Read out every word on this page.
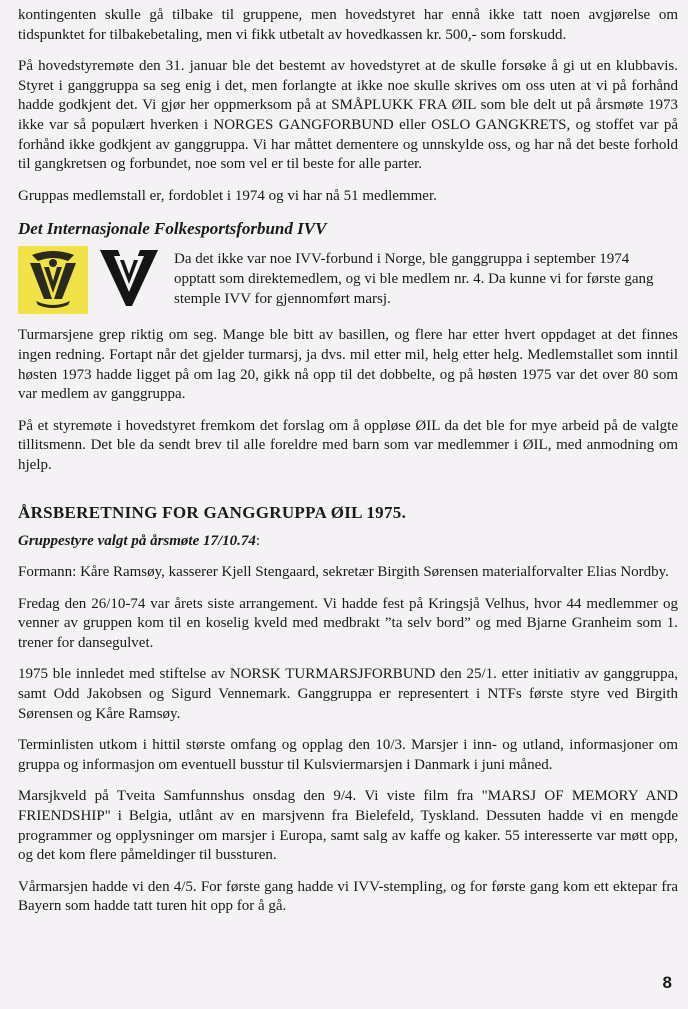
kontingenten skulle gå tilbake til gruppene, men hovedstyret har ennå ikke tatt noen avgjørelse om tidspunktet for tilbakebetaling, men vi fikk utbetalt av hovedkassen kr. 500,- som forskudd.

På hovedstyremøte den 31. januar ble det bestemt av hovedstyret at de skulle forsøke å gi ut en klubbavis. Styret i ganggruppa sa seg enig i det, men forlangte at ikke noe skulle skrives om oss uten at vi på forhånd hadde godkjent det. Vi gjør her oppmerksom på at SMÅPLUKK FRA ØIL som ble delt ut på årsmøte 1973 ikke var så populært hverken i NORGES GANGFORBUND eller OSLO GANGKRETS, og stoffet var på forhånd ikke godkjent av ganggruppa. Vi har måttet dementere og unnskylde oss, og har nå det beste forhold til gangkretsen og forbundet, noe som vel er til beste for alle parter.

Gruppas medlemstall er, fordoblet i 1974 og vi har nå 51 medlemmer.

Det Internasjonale Folkesportsforbund IVV

Da det ikke var noe IVV-forbund i Norge, ble ganggruppa i september 1974 opptatt som direktemedlem, og vi ble medlem nr. 4. Da kunne vi for første gang stemple IVV for gjennomført marsj.

Turmarsjene grep riktig om seg. Mange ble bitt av basillen, og flere har etter hvert oppdaget at det finnes ingen redning. Fortapt når det gjelder turmarsj, ja dvs. mil etter mil, helg etter helg. Medlemstallet som inntil høsten 1973 hadde ligget på om lag 20, gikk nå opp til det dobbelte, og på høsten 1975 var det over 80 som var medlem av ganggruppa.

På et styremøte i hovedstyret fremkom det forslag om å oppløse ØIL da det ble for mye arbeid på de valgte tillitsmenn. Det ble da sendt brev til alle foreldre med barn som var medlemmer i ØIL, med anmodning om hjelp.

ÅRSBERETNING FOR GANGGRUPPA ØIL 1975.

Gruppestyre valgt på årsmøte 17/10.74:

Formann: Kåre Ramsøy, kasserer Kjell Stengaard, sekretær Birgith Sørensen materialforvalter Elias Nordby.

Fredag den 26/10-74 var årets siste arrangement. Vi hadde fest på Kringsjå Velhus, hvor 44 medlemmer og venner av gruppen kom til en koselig kveld med medbrakt ”ta selv bord” og med Bjarne Granheim som 1. trener for dansegulvet.

1975 ble innledet med stiftelse av NORSK TURMARSJFORBUND den 25/1. etter initiativ av ganggruppa, samt Odd Jakobsen og Sigurd Vennemark. Ganggruppa er representert i NTFs første styre ved Birgith Sørensen og Kåre Ramsøy.

Terminlisten utkom i hittil største omfang og opplag den 10/3. Marsjer i inn- og utland, informasjoner om gruppa og informasjon om eventuell busstur til Kulsviermarsjen i Danmark i juni måned.

Marsjkveld på Tveita Samfunnshus onsdag den 9/4. Vi viste film fra "MARSJ OF MEMORY AND FRIENDSHIP" i Belgia, utlånt av en marsjvenn fra Bielefeld, Tyskland. Dessuten hadde vi en mengde programmer og opplysninger om marsjer i Europa, samt salg av kaffe og kaker. 55 interesserte var møtt opp, og det kom flere påmeldinger til bussturen.

Vårmarsjen hadde vi den 4/5. For første gang hadde vi IVV-stempling, og for første gang kom ett ektepar fra Bayern som hadde tatt turen hit opp for å gå.

8
